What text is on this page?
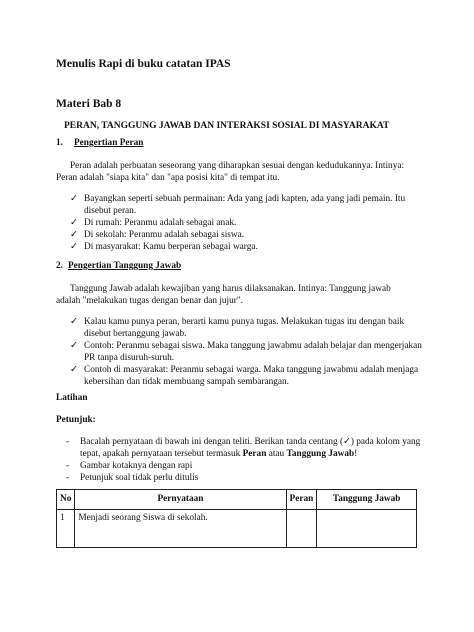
Menulis Rapi di buku catatan IPAS
Materi Bab 8
PERAN, TANGGUNG JAWAB DAN INTERAKSI SOSIAL DI MASYARAKAT
1. Pengertian Peran
Peran adalah perbuatan seseorang yang diharapkan sesuai dengan kedudukannya. Intinya:
Peran adalah "siapa kita" dan "apa posisi kita" di tempat itu.
✓ Bayangkan seperti sebuah permainan: Ada yang jadi kapten, ada yang jadi pemain. Itu disebut peran.
✓ Di rumah: Peranmu adalah sebagai anak.
✓ Di sekolah: Peranmu adalah sebagai siswa.
✓ Di masyarakat: Kamu berperan sebagai warga.
2. Pengertian Tanggung Jawab
Tanggung Jawab adalah kewajiban yang harus dilaksanakan. Intinya: Tanggung jawab
adalah "melakukan tugas dengan benar dan jujur".
✓ Kalau kamu punya peran, berarti kamu punya tugas. Melakukan tugas itu dengan baik disebut bertanggung jawab.
✓ Contoh: Peranmu sebagai siswa. Maka tanggung jawabmu adalah belajar dan mengerjakan PR tanpa disuruh-suruh.
✓ Contoh di masyarakat: Peranmu sebagai warga. Maka tanggung jawabmu adalah menjaga kebersihan dan tidak membuang sampah sembarangan.
Latihan
Petunjuk:
- Bacalah pernyataan di bawah ini dengan teliti. Berikan tanda centang (✓) pada kolom yang tepat, apakah pernyataan tersebut termasuk Peran atau Tanggung Jawab!
- Gambar kotaknya dengan rapi
- Petunjuk soal tidak perlu ditulis
No	Pernyataan	Peran	Tanggung Jawab
1	Menjadi seorang Siswa di sekolah.		
